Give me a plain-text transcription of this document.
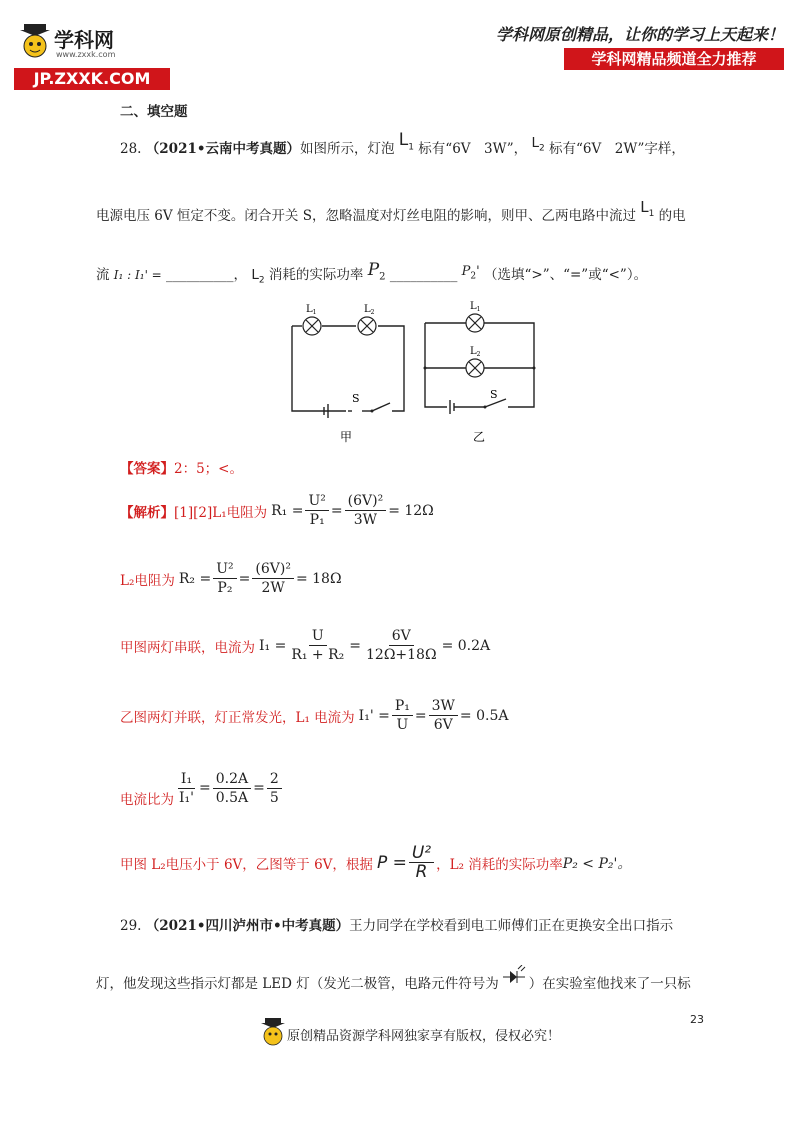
学科网
www.zxxk.com
JP.ZXXK.COM
学科网原创精品，让你的学习上天起来！
学科网精品频道全力推荐
二、填空题
28. （2021•云南中考真题）如图所示，灯泡 $L_1$ 标有“6V　3W”， $L_2$ 标有“6V　2W”字样，
电源电压 6V 恒定不变。闭合开关 S，忽略温度对灯丝电阻的影响，则甲、乙两电路中流过 $L_1$ 的电
流 I₁ : I₁' = __________， $L_2$ 消耗的实际功率 $P_2$ __________ $P_2'$ （选填“>”、“=”或“<”）。
$L_1$	$L_2$
S
甲
$L_1$
$L_2$
S
乙
【答案】2：5；<。
【解析】 [1][2]L₁电阻为 $R_1 = \frac{\text{U²}}{\text{P₁}} = \frac{\text{(6V)²}}{3W} = 12\Omega$
L₂电阻为 $R_2 = \frac{\text{U²}}{\text{P₂}} = \frac{\text{(6V)²}}{2W} = 18\Omega$
甲图两灯串联，电流为 $I_1 = \frac{U}{\text{R₁ + R₂}} = \frac{6V}{12\Omega+18\Omega} = 0.2A$
乙图两灯并联，灯正常发光，L₁ 电流为 $I_1' = \frac{\text{P₁}}{U} = \frac{3W}{6V} = 0.5A$
电流比为 $\frac{\text{I₁}}{\text{I₁'}} = \frac{0.2A}{0.5A} = \frac{2}{5}$
甲图 L₂电压小于 6V，乙图等于 6V，根据 $P = \frac{\text{U²}}{R}$ ，L₂ 消耗的实际功率 P₂ < P₂'。
29. （2021•四川泸州市•中考真题）王力同学在学校看到电工师傅们正在更换安全出口指示
灯，他发现这些指示灯都是 LED 灯（发光二极管，电路元件符号为 ）在实验室他找来了一只标
23
原创精品资源学科网独家享有版权，侵权必究！
